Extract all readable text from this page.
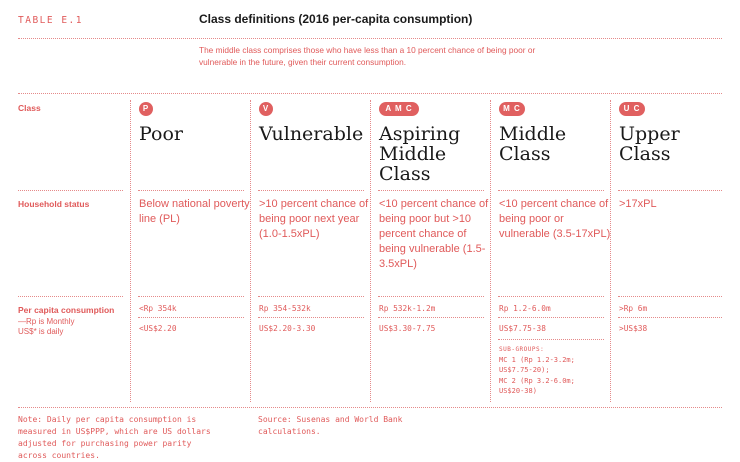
TABLE E.1	Class definitions (2016 per-capita consumption)
The middle class comprises those who have less than a 10 percent chance of being poor or vulnerable in the future, given their current consumption.
Class
Household status
Per capita consumption
—Rp is Monthly
US$* is daily
P
Poor
Below national poverty line (PL)
<Rp 354k
<US$2.20
V
Vulnerable
>10 percent chance of being poor next year (1.0-1.5xPL)
Rp 354-532k
US$2.20-3.30
A M C
Aspiring
Middle
Class
<10 percent chance of being poor but >10 percent chance of being vulnerable (1.5-3.5xPL)
Rp 532k-1.2m
US$3.30-7.75
M C
Middle
Class
<10 percent chance of being poor or vulnerable (3.5-17xPL)
Rp 1.2-6.0m
US$7.75-38
SUB-GROUPS:
MC 1 (Rp 1.2-3.2m;
US$7.75-20);
MC 2 (Rp 3.2-6.0m;
US$20-38)
U C
Upper
Class
>17xPL
>Rp 6m
>US$38
Note: Daily per capita consumption is
measured in US$PPP, which are US dollars
adjusted for purchasing power parity
across countries.
Source: Susenas and World Bank
calculations.
